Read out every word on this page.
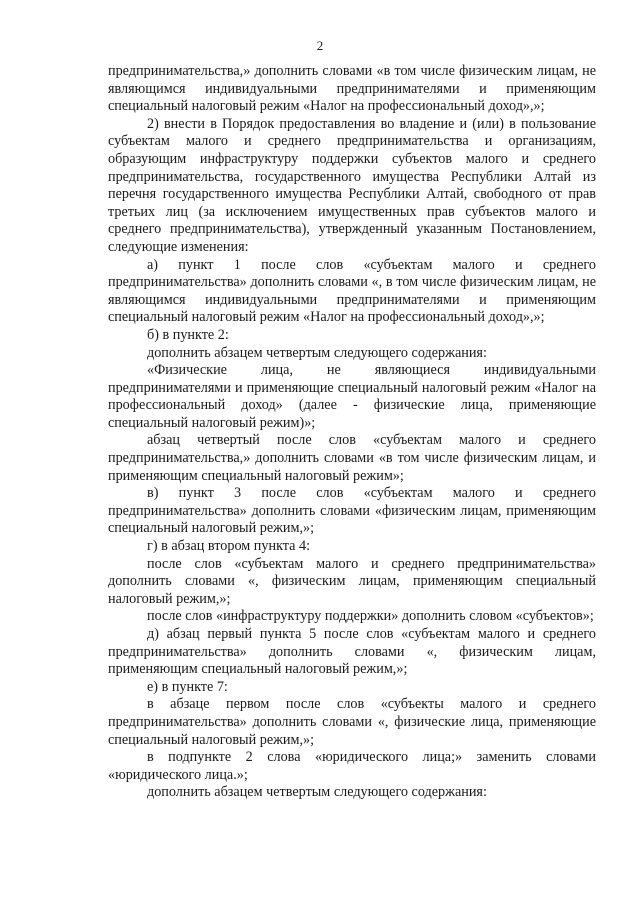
2

предпринимательства,» дополнить словами «в том числе физическим лицам, не являющимся индивидуальными предпринимателями и применяющим специальный налоговый режим «Налог на профессиональный доход»,»;

2) внести в Порядок предоставления во владение и (или) в пользование субъектам малого и среднего предпринимательства и организациям, образующим инфраструктуру поддержки субъектов малого и среднего предпринимательства, государственного имущества Республики Алтай из перечня государственного имущества Республики Алтай, свободного от прав третьих лиц (за исключением имущественных прав субъектов малого и среднего предпринимательства), утвержденный указанным Постановлением, следующие изменения:

а) пункт 1 после слов «субъектам малого и среднего предпринимательства» дополнить словами «, в том числе физическим лицам, не являющимся индивидуальными предпринимателями и применяющим специальный налоговый режим «Налог на профессиональный доход»,»;

б) в пункте 2:

дополнить абзацем четвертым следующего содержания:

«Физические лица, не являющиеся индивидуальными предпринимателями и применяющие специальный налоговый режим «Налог на профессиональный доход» (далее - физические лица, применяющие специальный налоговый режим)»;

абзац четвертый после слов «субъектам малого и среднего предпринимательства,» дополнить словами «в том числе физическим лицам, и применяющим специальный налоговый режим»;

в) пункт 3 после слов «субъектам малого и среднего предпринимательства» дополнить словами «физическим лицам, применяющим специальный налоговый режим,»;

г) в абзац втором пункта 4:

после слов «субъектам малого и среднего предпринимательства» дополнить словами «, физическим лицам, применяющим специальный налоговый режим,»;

после слов «инфраструктуру поддержки» дополнить словом «субъектов»;

д) абзац первый пункта 5 после слов «субъектам малого и среднего предпринимательства» дополнить словами «, физическим лицам, применяющим специальный налоговый режим,»;

е) в пункте 7:

в абзаце первом после слов «субъекты малого и среднего предпринимательства» дополнить словами «, физические лица, применяющие специальный налоговый режим,»;

в подпункте 2 слова «юридического лица;» заменить словами «юридического лица.»;

дополнить абзацем четвертым следующего содержания:
